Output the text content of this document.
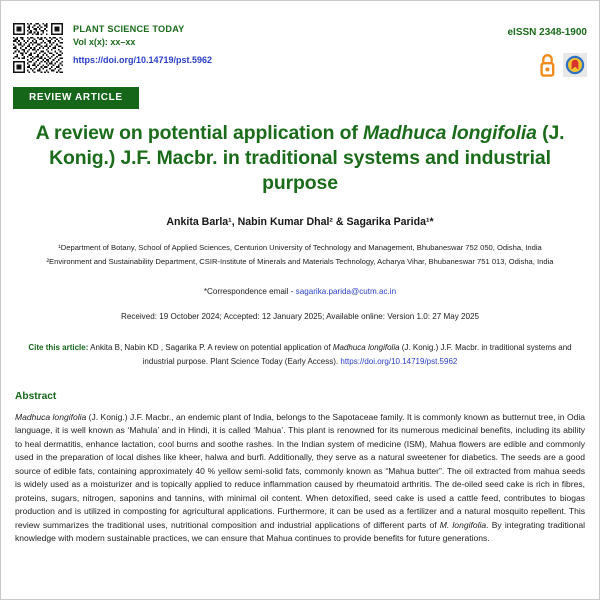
PLANT SCIENCE TODAY
Vol x(x): xx–xx
https://doi.org/10.14719/pst.5962
REVIEW ARTICLE
eISSN 2348-1900
A review on potential application of Madhuca longifolia (J. Konig.) J.F. Macbr. in traditional systems and industrial purpose
Ankita Barla¹, Nabin Kumar Dhal² & Sagarika Parida¹*
¹Department of Botany, School of Applied Sciences, Centurion University of Technology and Management, Bhubaneswar 752 050, Odisha, India
²Environment and Sustainability Department, CSIR-Institute of Minerals and Materials Technology, Acharya Vihar, Bhubaneswar 751 013, Odisha, India
*Correspondence email - sagarika.parida@cutm.ac.in
Received: 19 October 2024; Accepted: 12 January 2025; Available online: Version 1.0: 27 May 2025
Cite this article: Ankita B, Nabin KD , Sagarika P. A review on potential application of Madhuca longifolia (J. Konig.) J.F. Macbr. in traditional systems and industrial purpose. Plant Science Today (Early Access). https://doi.org/10.14719/pst.5962
Abstract
Madhuca longifolia (J. Konig.) J.F. Macbr., an endemic plant of India, belongs to the Sapotaceae family. It is commonly known as butternut tree, in Odia language, it is well known as ‘Mahula’ and in Hindi, it is called ‘Mahua’. This plant is renowned for its numerous medicinal benefits, including its ability to heal dermatitis, enhance lactation, cool burns and soothe rashes. In the Indian system of medicine (ISM), Mahua flowers are edible and commonly used in the preparation of local dishes like kheer, halwa and burfi. Additionally, they serve as a natural sweetener for diabetics. The seeds are a good source of edible fats, containing approximately 40 % yellow semi-solid fats, commonly known as “Mahua butter”. The oil extracted from mahua seeds is widely used as a moisturizer and is topically applied to reduce inflammation caused by rheumatoid arthritis. The de-oiled seed cake is rich in fibres, proteins, sugars, nitrogen, saponins and tannins, with minimal oil content. When detoxified, seed cake is used a cattle feed, contributes to biogas production and is utilized in composting for agricultural applications. Furthermore, it can be used as a fertilizer and a natural mosquito repellent. This review summarizes the traditional uses, nutritional composition and industrial applications of different parts of M. longifolia. By integrating traditional knowledge with modern sustainable practices, we can ensure that Mahua continues to provide benefits for future generations.
